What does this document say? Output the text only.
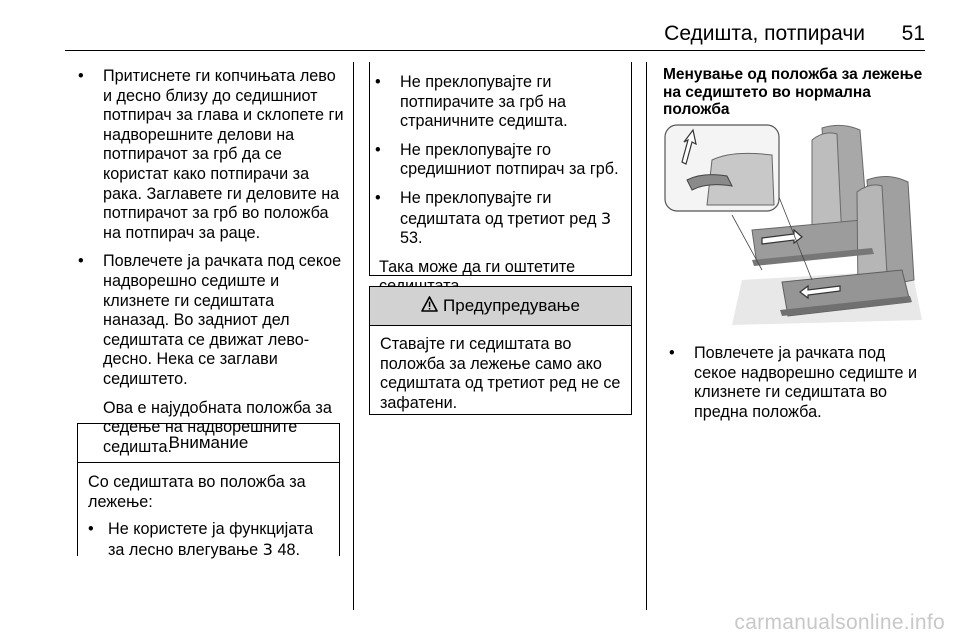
Седишта, потпирачи	51
• Притиснете ги копчињата лево и десно близу до седишниот потпирач за глава и склопете ги надворешните делови на потпирачот за грб да се користат како потпирачи за рака. Заглавете ги деловите на потпирачот за грб во положба на потпирач за раце.
• Повлечете ја рачката под секое надворешно седиште и клизнете ги седиштата наназад. Во задниот дел седиштата се движат лево-десно. Нека се заглави седиштето.

Ова е најудобната положба за седење на надворешните седишта.

Внимание

Со седиштата во положба за лежење:

• Не користете ја функцијата за лесно влегување 3 48.
• Не преклопувајте ги потпирачите за грб на страничните седишта.
• Не преклопувајте го средишниот потпирач за грб.
• Не преклопувајте ги седиштата од третиот ред 3 53.

Така може да ги оштетите

Предупредување

Ставајте ги седиштата во положба за лежење само ако седиштата од третиот ред не се зафатени.

Менување од положба за лежење на седиштето во нормална положба

• Повлечете ја рачката под секое надворешно седиште и клизнете ги седиштата во предна положба.
carmanualsonline.info
